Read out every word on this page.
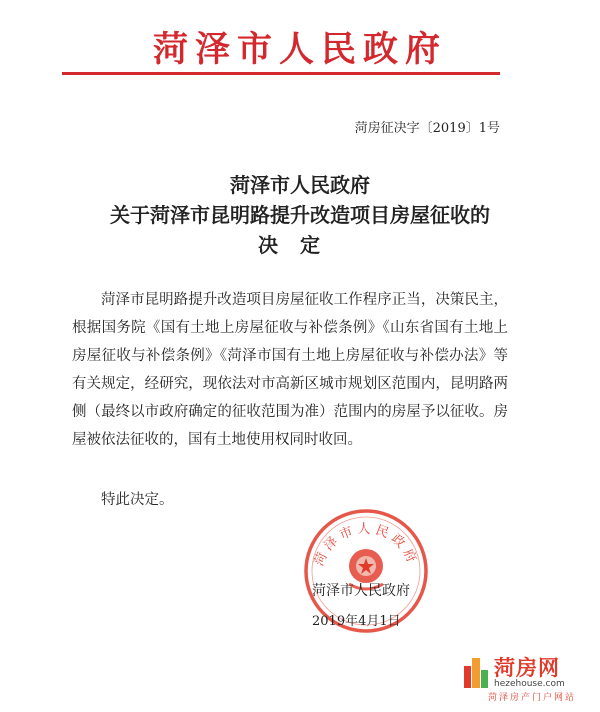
菏泽市人民政府
菏房征决字〔2019〕1号
菏泽市人民政府
关于菏泽市昆明路提升改造项目房屋征收的
决定

菏泽市昆明路提升改造项目房屋征收工作程序正当，决策民主，根据国务院《国有土地上房屋征收与补偿条例》《山东省国有土地上房屋征收与补偿条例》《菏泽市国有土地上房屋征收与补偿办法》等有关规定，经研究，现依法对市高新区城市规划区范围内，昆明路两侧（最终以市政府确定的征收范围为准）范围内的房屋予以征收。房屋被依法征收的，国有土地使用权同时收回。

特此决定。
菏泽市人民政府
菏泽市人民政府
2019年4月1日
菏房网
hezehouse.com
菏泽房产门户网站
